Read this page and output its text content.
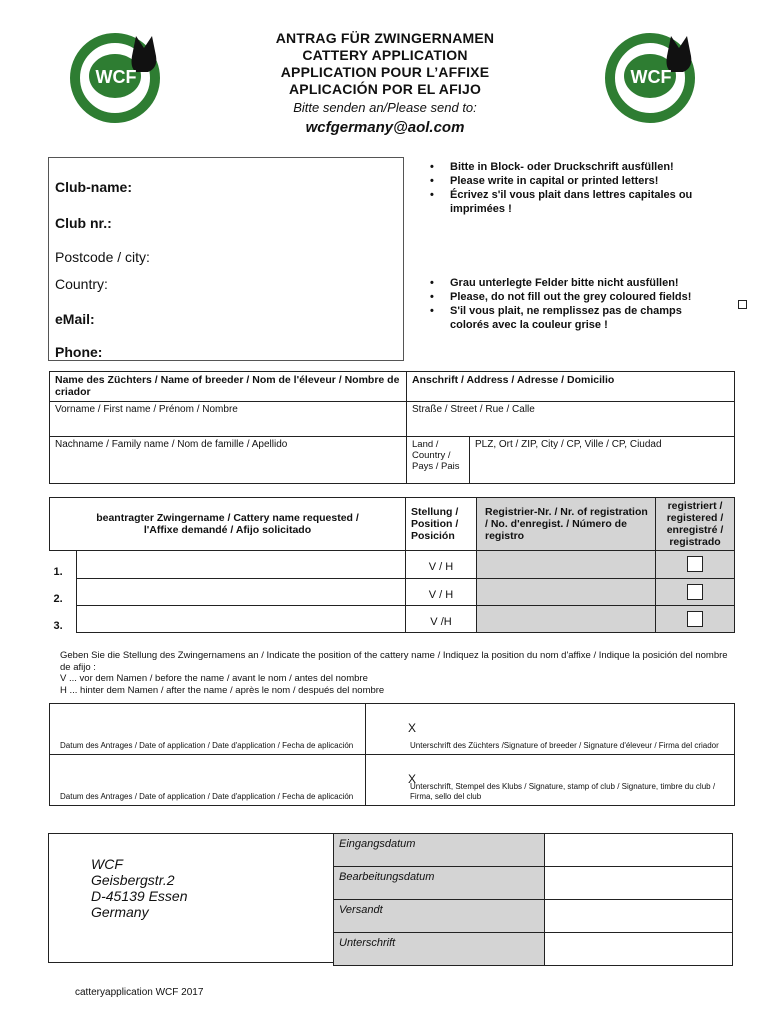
WCF	WCF
ANTRAG FÜR ZWINGERNAMEN
CATTERY APPLICATION
APPLICATION POUR L’AFFIXE
APLICACIÓN POR EL AFIJO
Bitte senden an/Please send to:
wcfgermany@aol.com
Club-name:
Club nr.:
Postcode / city:
Country:
eMail:
Phone:
• Bitte in Block- oder Druckschrift ausfüllen!
• Please write in capital or printed letters!
• Écrivez s'il vous plait dans lettres capitales ou imprimées !
• Grau unterlegte Felder bitte nicht ausfüllen!
• Please, do not fill out the grey coloured fields!
• S'il vous plait, ne remplissez pas de champs colorés avec la couleur grise !
Name des Züchters / Name of breeder / Nom de l'éleveur / Nombre de criador	Anschrift / Address / Adresse / Domicilio	
Vorname / First name / Prénom / Nombre	Straße / Street / Rue / Calle	
Nachname / Family name / Nom de famille / Apellido	Land / Country / Pays / Pais	PLZ, Ort / ZIP, City / CP, Ville / CP, Ciudad
beantragter Zwingername / Cattery name requested / l'Affixe demandé / Afijo solicitado		Stellung / Position / Posición	Registrier-Nr. / Nr. of registration / No. d'enregist. / Número de registro	registriert / registered / enregistré / registrado

1.		V / H		

2.		V / H		

3.		V /H		
Geben Sie die Stellung des Zwingernamens an / Indicate the position of the cattery name / Indiquez la position du nom d'affixe / Indique la posición del nombre de afijo :
V ... vor dem Namen / before the name / avant le nom / antes del nombre
H ... hinter dem Namen / after the name / après le nom / después del nombre
Datum des Antrages / Date of application / Date d'application / Fecha de aplicación	X
Unterschrift des Züchters /Signature of breeder / Signature d'éleveur / Firma del criador

Datum des Antrages / Date of application / Date d'application / Fecha de aplicación	X
Unterschrift, Stempel des Klubs / Signature, stamp of club / Signature, timbre du club / Firma, sello del club
WCF
Geisbergstr.2
D-45139 Essen
Germany
Eingangsdatum	
Bearbeitungsdatum	
Versandt	
Unterschrift	
catteryapplication WCF 2017
